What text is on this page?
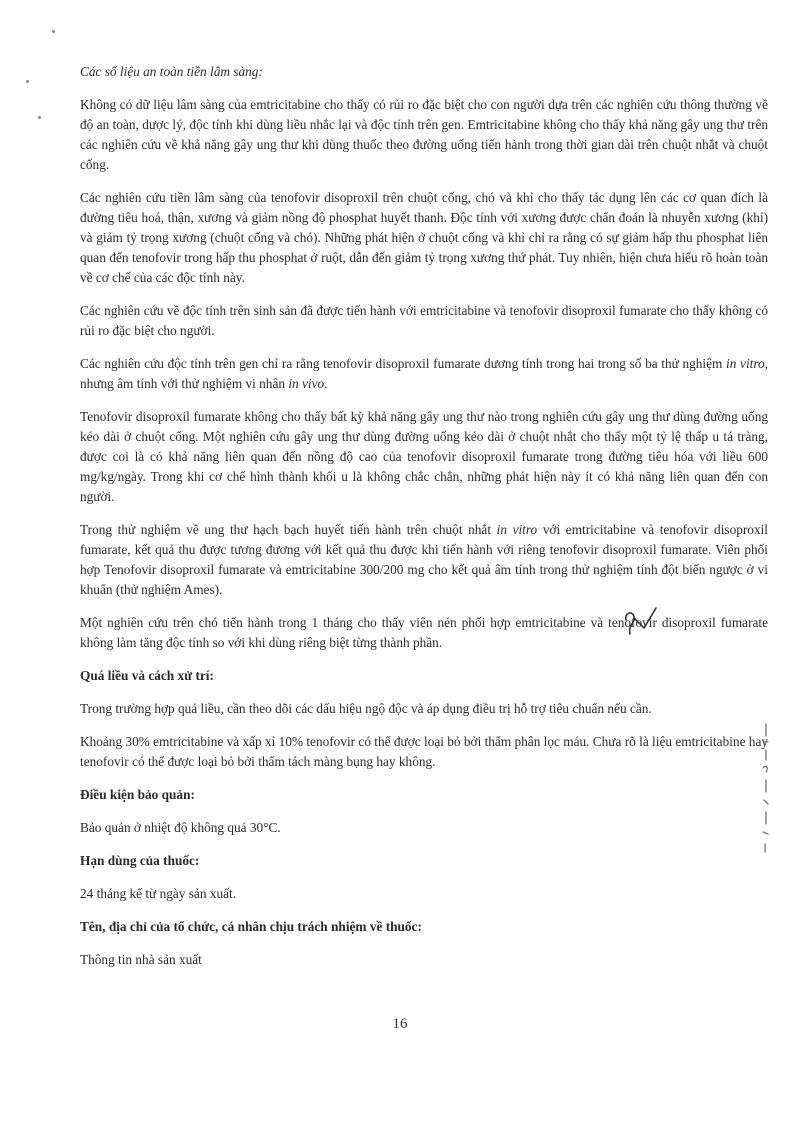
Các số liệu an toàn tiền lâm sàng:

Không có dữ liệu lâm sàng của emtricitabine cho thấy có rủi ro đặc biệt cho con người dựa trên các nghiên cứu thông thường về độ an toàn, dược lý, độc tính khi dùng liều nhắc lại và độc tính trên gen. Emtricitabine không cho thấy khả năng gây ung thư trên các nghiên cứu về khả năng gây ung thư khi dùng thuốc theo đường uống tiến hành trong thời gian dài trên chuột nhắt và chuột cống.

Các nghiên cứu tiền lâm sàng của tenofovir disoproxil trên chuột cống, chó và khỉ cho thấy tác dụng lên các cơ quan đích là đường tiêu hoá, thận, xương và giảm nồng độ phosphat huyết thanh. Độc tính với xương được chẩn đoán là nhuyễn xương (khỉ) và giảm tỷ trọng xương (chuột cống và chó). Những phát hiện ở chuột cống và khỉ chỉ ra rằng có sự giảm hấp thu phosphat liên quan đến tenofovir trong hấp thu phosphat ở ruột, dẫn đến giảm tỷ trọng xương thứ phát. Tuy nhiên, hiện chưa hiểu rõ hoàn toàn về cơ chế của các độc tính này.

Các nghiên cứu về độc tính trên sinh sản đã được tiến hành với emtricitabine và tenofovir disoproxil fumarate cho thấy không có rủi ro đặc biệt cho người.

Các nghiên cứu độc tính trên gen chỉ ra rằng tenofovir disoproxil fumarate dương tính trong hai trong số ba thử nghiệm in vitro, nhưng âm tính với thử nghiệm vi nhân in vivo.

Tenofovir disoproxil fumarate không cho thấy bất kỳ khả năng gây ung thư nào trong nghiên cứu gây ung thư dùng đường uống kéo dài ở chuột cống. Một nghiên cứu gây ung thư dùng đường uống kéo dài ở chuột nhắt cho thấy một tỷ lệ thấp u tá tràng, được coi là có khả năng liên quan đến nồng độ cao của tenofovir disoproxil fumarate trong đường tiêu hóa với liều 600 mg/kg/ngày. Trong khi cơ chế hình thành khối u là không chắc chắn, những phát hiện này ít có khả năng liên quan đến con người.

Trong thử nghiệm về ung thư hạch bạch huyết tiến hành trên chuột nhắt in vitro với emtricitabine và tenofovir disoproxil fumarate, kết quả thu được tương đương với kết quả thu được khi tiến hành với riêng tenofovir disoproxil fumarate. Viên phối hợp Tenofovir disoproxil fumarate và emtricitabine 300/200 mg cho kết quả âm tính trong thử nghiệm tính đột biến ngược ở vi khuẩn (thử nghiệm Ames).

Một nghiên cứu trên chó tiến hành trong 1 tháng cho thấy viên nén phối hợp emtricitabine và tenofovir disoproxil fumarate không làm tăng độc tính so với khi dùng riêng biệt từng thành phần.

Quá liều và cách xử trí:

Trong trường hợp quá liều, cần theo dõi các dấu hiệu ngộ độc và áp dụng điều trị hỗ trợ tiêu chuẩn nếu cần.

Khoảng 30% emtricitabine và xấp xỉ 10% tenofovir có thể được loại bỏ bởi thẩm phân lọc máu. Chưa rõ là liệu emtricitabine hay tenofovir có thể được loại bỏ bởi thẩm tách màng bụng hay không.

Điều kiện bảo quản:

Bảo quản ở nhiệt độ không quá 30°C.

Hạn dùng của thuốc:

24 tháng kể từ ngày sản xuất.

Tên, địa chỉ của tổ chức, cá nhân chịu trách nhiệm về thuốc:

Thông tin nhà sản xuất

16
